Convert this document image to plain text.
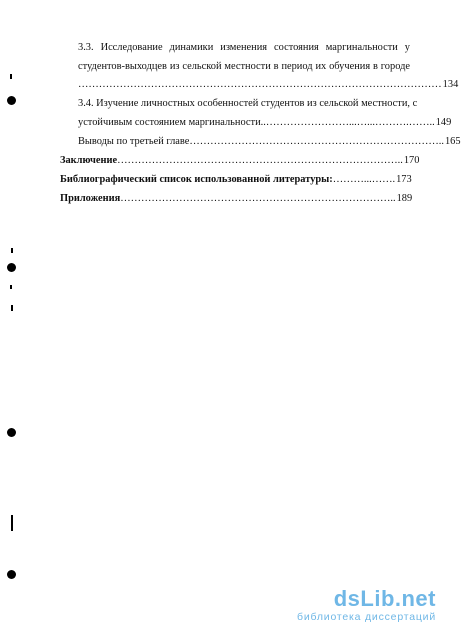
3.3. Исследование динамики изменения состояния маргинальности у
студентов-выходцев из сельской местности в период их обучения в городе
…………………………………………………………………………………………… 134
3.4. Изучение личностных особенностей студентов из сельской местности, с
устойчивым состоянием маргинальности ..……………………...…...……….…….. 149
Выводы по третьей главе ……………………………………………………………….. 165
Заключение ……………………………………………………………………….. 170
Библиографический список использованной литературы: ………...……. 173
Приложения …………………………………………………………………….. 189
dsLib.net
библиотека диссертаций
